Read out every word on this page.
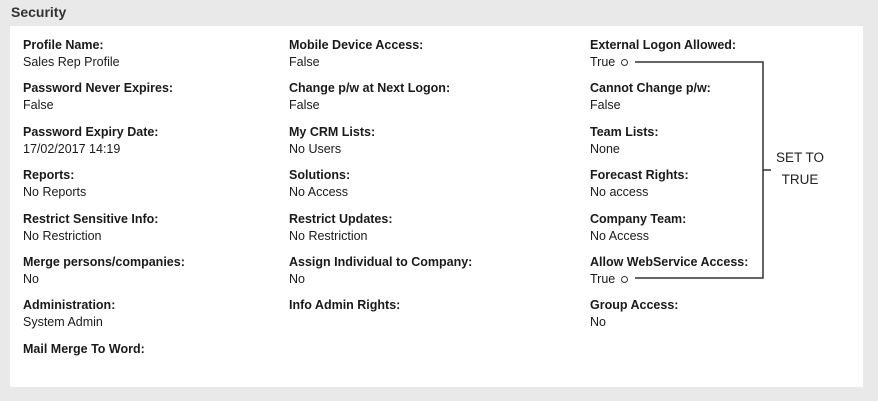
Security
Profile Name:
Sales Rep Profile
Password Never Expires:
False
Password Expiry Date:
17/02/2017 14:19
Reports:
No Reports
Restrict Sensitive Info:
No Restriction
Merge persons/companies:
No
Administration:
System Admin
Mail Merge To Word:
Mobile Device Access:
False
Change p/w at Next Logon:
False
My CRM Lists:
No Users
Solutions:
No Access
Restrict Updates:
No Restriction
Assign Individual to Company:
No
Info Admin Rights:
External Logon Allowed:
True
Cannot Change p/w:
False
Team Lists:
None
Forecast Rights:
No access
Company Team:
No Access
Allow WebService Access:
True
Group Access:
No
SET TO
TRUE
